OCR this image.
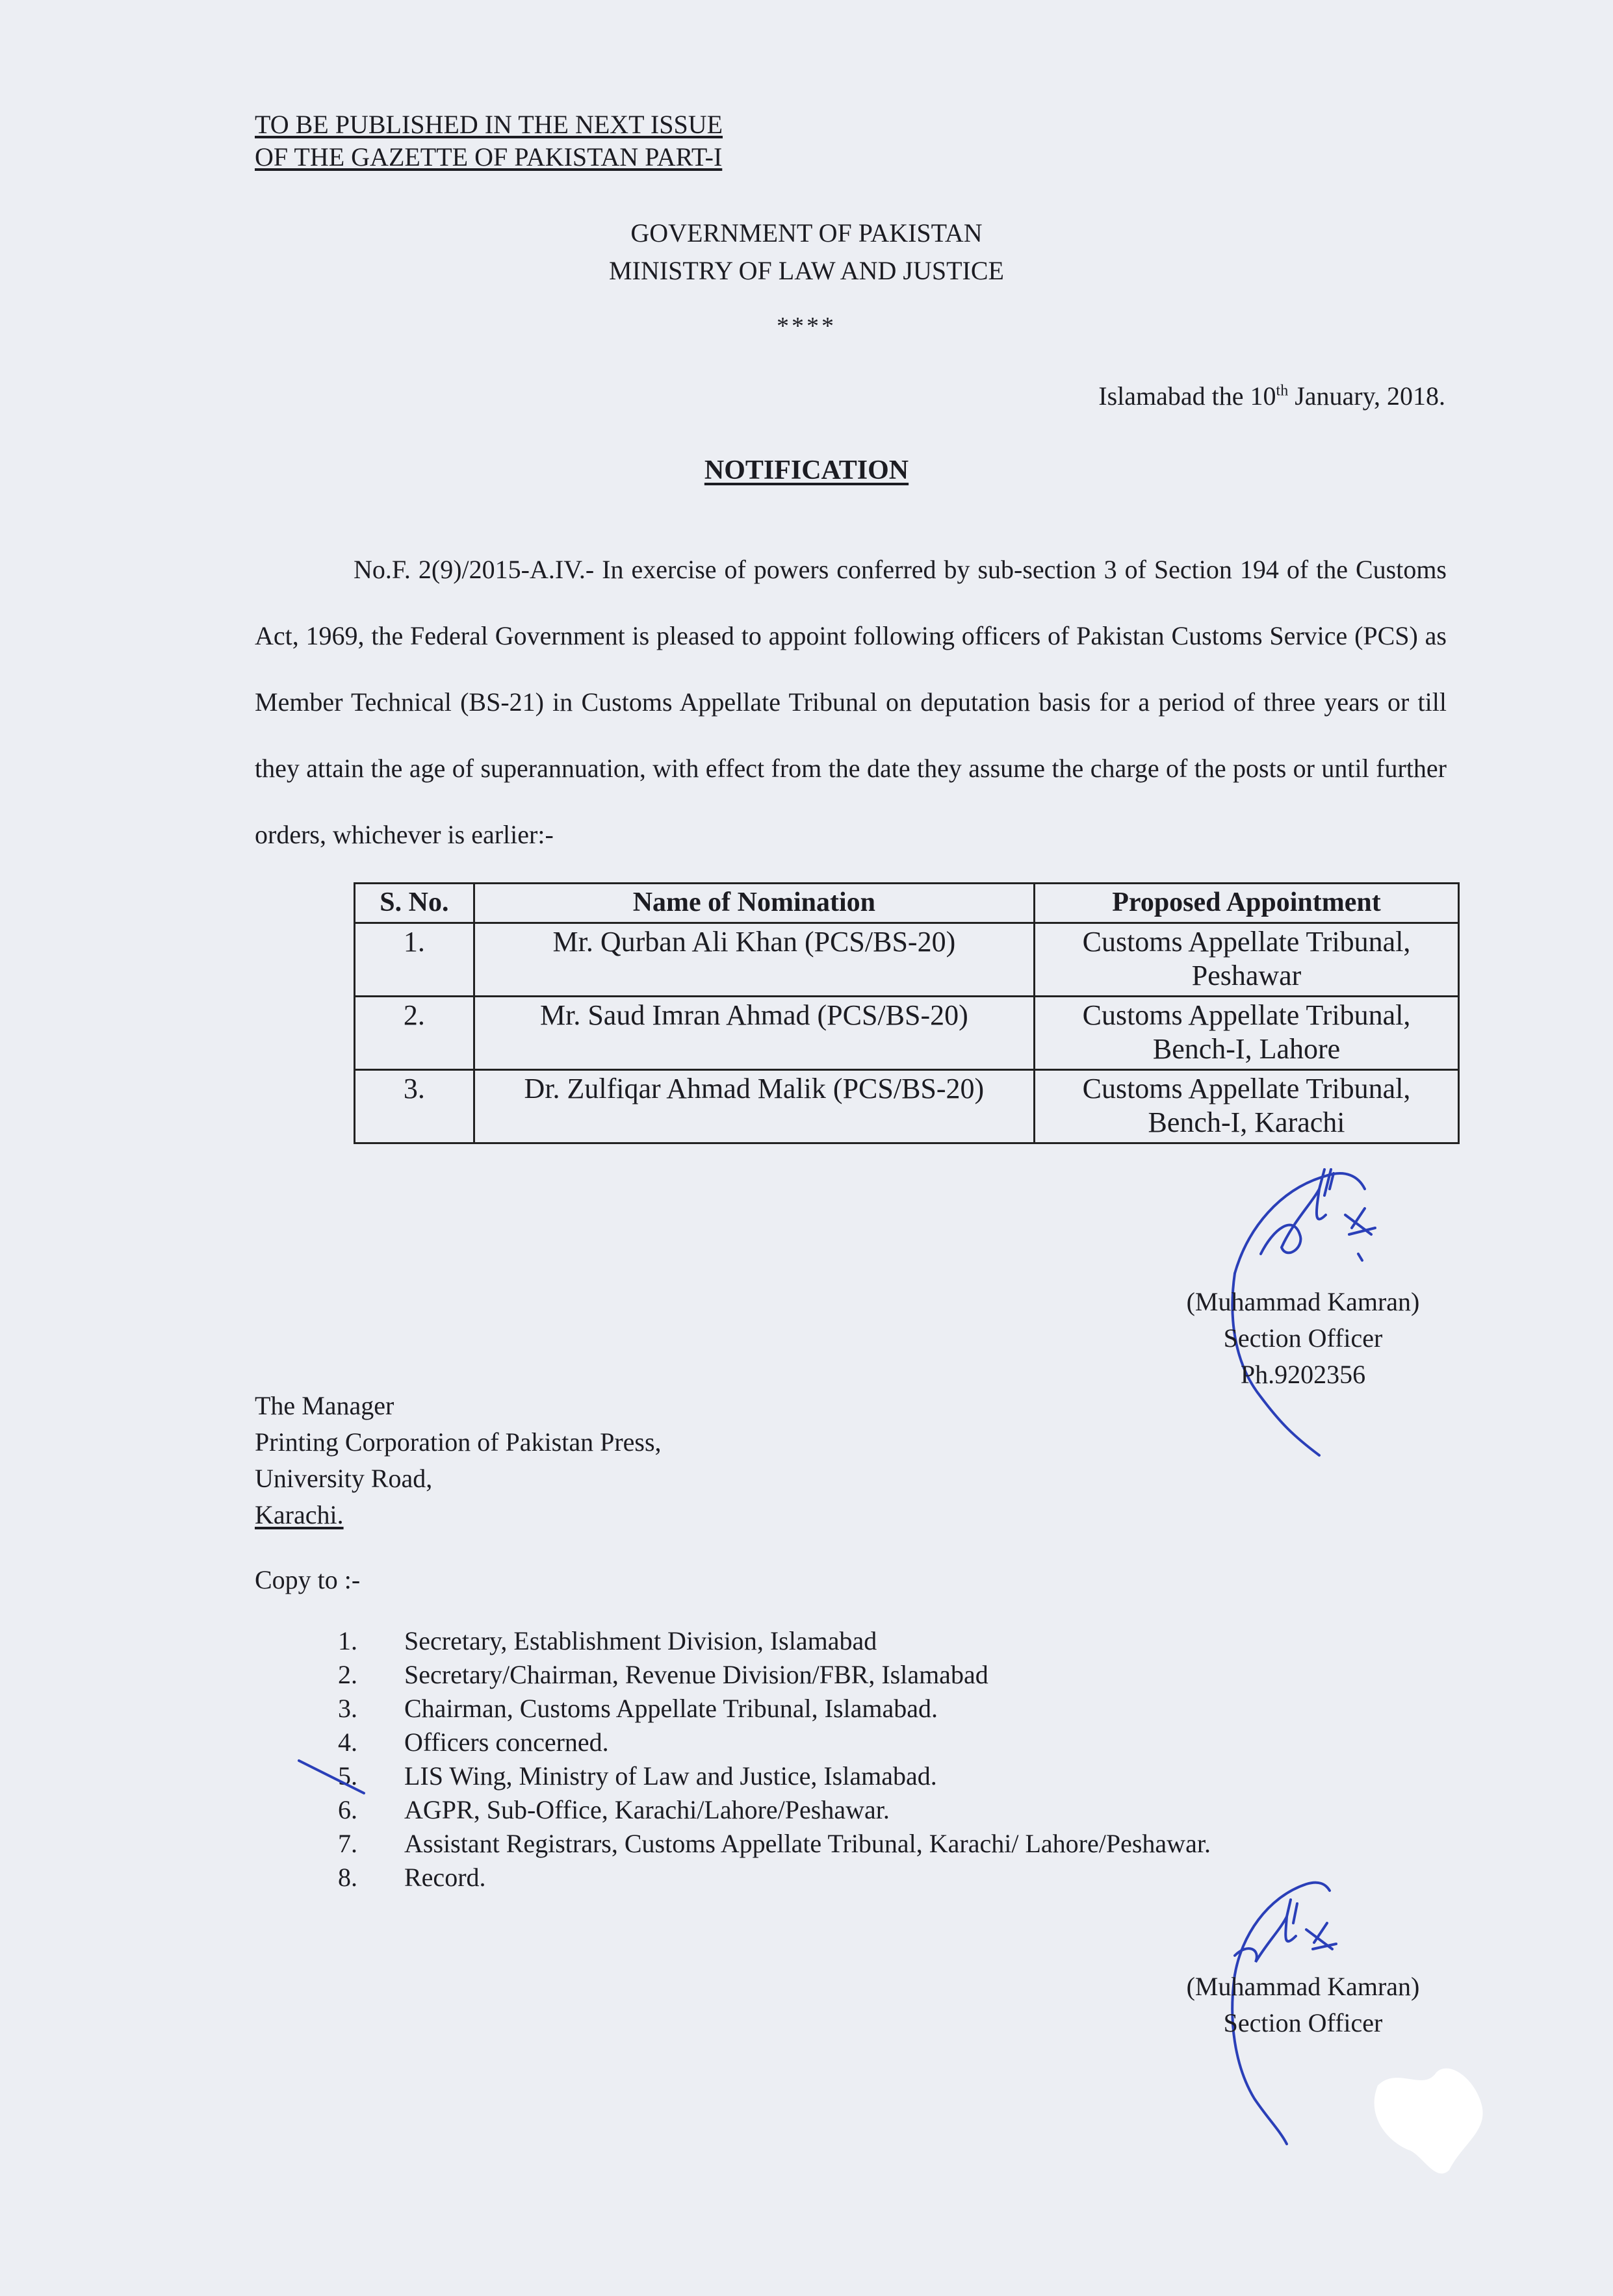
TO BE PUBLISHED IN THE NEXT ISSUE
OF THE GAZETTE OF PAKISTAN PART-I
GOVERNMENT OF PAKISTAN
MINISTRY OF LAW AND JUSTICE
****
Islamabad the 10th January, 2018.
NOTIFICATION
No.F. 2(9)/2015-A.IV.- In exercise of powers conferred by sub-section 3 of Section 194 of the Customs Act, 1969, the Federal Government is pleased to appoint following officers of Pakistan Customs Service (PCS) as Member Technical (BS-21) in Customs Appellate Tribunal on deputation basis for a period of three years or till they attain the age of superannuation, with effect from the date they assume the charge of the posts or until further orders, whichever is earlier:-
S. No.	Name of Nomination	Proposed Appointment
1.	Mr. Qurban Ali Khan (PCS/BS-20)	Customs Appellate Tribunal,
Peshawar

2.	Mr. Saud Imran Ahmad (PCS/BS-20)	Customs Appellate Tribunal,
Bench-I, Lahore

3.	Dr. Zulfiqar Ahmad Malik (PCS/BS-20)	Customs Appellate Tribunal,
Bench-I, Karachi
(Muhammad Kamran)
Section Officer
Ph.9202356
The Manager
Printing Corporation of Pakistan Press,
University Road,
Karachi.
Copy to :-
1. Secretary, Establishment Division, Islamabad
2. Secretary/Chairman, Revenue Division/FBR, Islamabad
3. Chairman, Customs Appellate Tribunal, Islamabad.
4. Officers concerned.
5. LIS Wing, Ministry of Law and Justice, Islamabad.
6. AGPR, Sub-Office, Karachi/Lahore/Peshawar.
7. Assistant Registrars, Customs Appellate Tribunal, Karachi/ Lahore/Peshawar.
8. Record.
(Muhammad Kamran)
Section Officer
